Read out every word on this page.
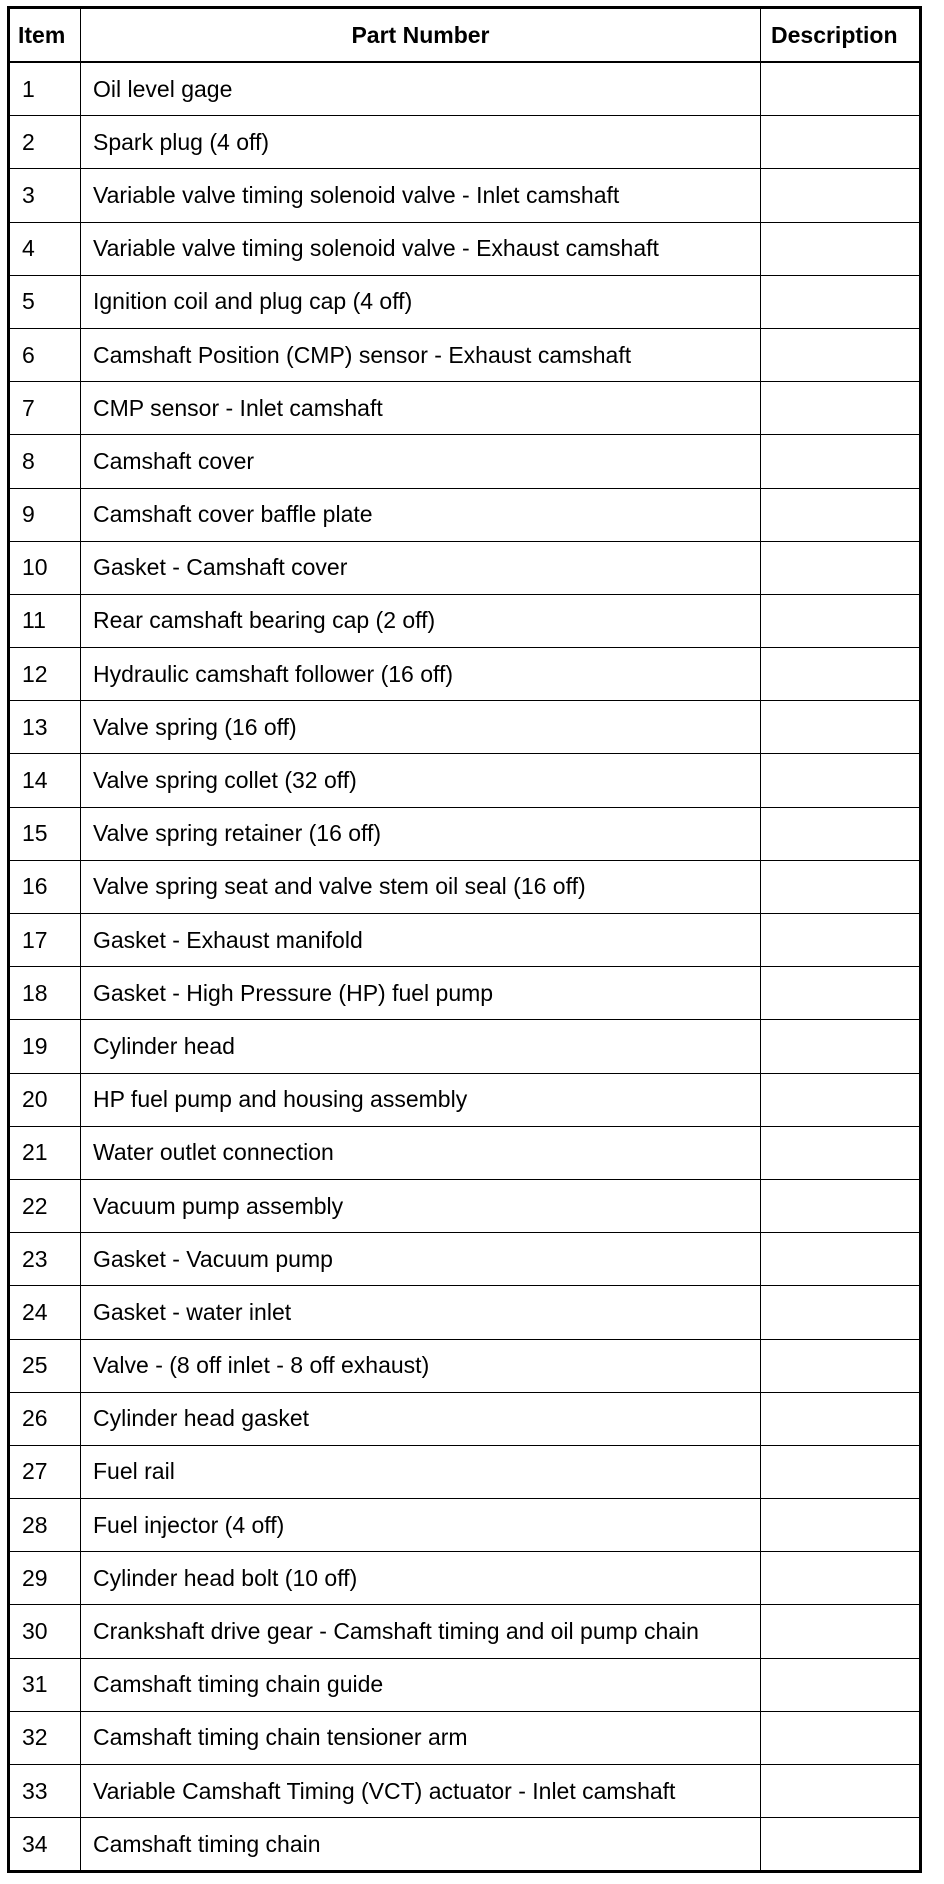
Item	Part Number	Description
1	Oil level gage	
2	Spark plug (4 off)	
3	Variable valve timing solenoid valve - Inlet camshaft	
4	Variable valve timing solenoid valve - Exhaust camshaft	
5	Ignition coil and plug cap (4 off)	
6	Camshaft Position (CMP) sensor - Exhaust camshaft	
7	CMP sensor - Inlet camshaft	
8	Camshaft cover	
9	Camshaft cover baffle plate	
10	Gasket - Camshaft cover	
11	Rear camshaft bearing cap (2 off)	
12	Hydraulic camshaft follower (16 off)	
13	Valve spring (16 off)	
14	Valve spring collet (32 off)	
15	Valve spring retainer (16 off)	
16	Valve spring seat and valve stem oil seal (16 off)	
17	Gasket - Exhaust manifold	
18	Gasket - High Pressure (HP) fuel pump	
19	Cylinder head	
20	HP fuel pump and housing assembly	
21	Water outlet connection	
22	Vacuum pump assembly	
23	Gasket - Vacuum pump	
24	Gasket - water inlet	
25	Valve - (8 off inlet - 8 off exhaust)	
26	Cylinder head gasket	
27	Fuel rail	
28	Fuel injector (4 off)	
29	Cylinder head bolt (10 off)	
30	Crankshaft drive gear - Camshaft timing and oil pump chain	
31	Camshaft timing chain guide	
32	Camshaft timing chain tensioner arm	
33	Variable Camshaft Timing (VCT) actuator - Inlet camshaft	
34	Camshaft timing chain	
